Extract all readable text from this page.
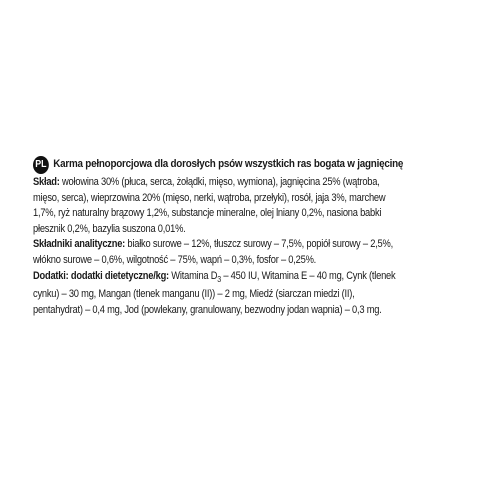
PL Karma pełnoporcjowa dla dorosłych psów wszystkich ras bogata w jagnięcinę

Skład: wołowina 30% (płuca, serca, żołądki, mięso, wymiona), jagnięcina 25% (wątroba, mięso, serca), wieprzowina 20% (mięso, nerki, wątroba, przełyki), rosół, jaja 3%, marchew 1,7%, ryż naturalny brązowy 1,2%, substancje mineralne, olej lniany 0,2%, nasiona babki płesznik 0,2%, bazylia suszona 0,01%.

Składniki analityczne: białko surowe – 12%, tłuszcz surowy – 7,5%, popiół surowy – 2,5%, włókno surowe – 0,6%, wilgotność – 75%, wapń – 0,3%, fosfor – 0,25%.

Dodatki: dodatki dietetyczne/kg: Witamina $D_3 - 450$ IU, Witamina E – 40 mg, Cynk (tlenek cynku) – 30 mg, Mangan (tlenek manganu (II)) – 2 mg, Miedź (siarczan miedzi (II), pentahydrat) – 0,4 mg, Jod (powlekany, granulowany, bezwodny jodan wapnia) – 0,3 mg.
